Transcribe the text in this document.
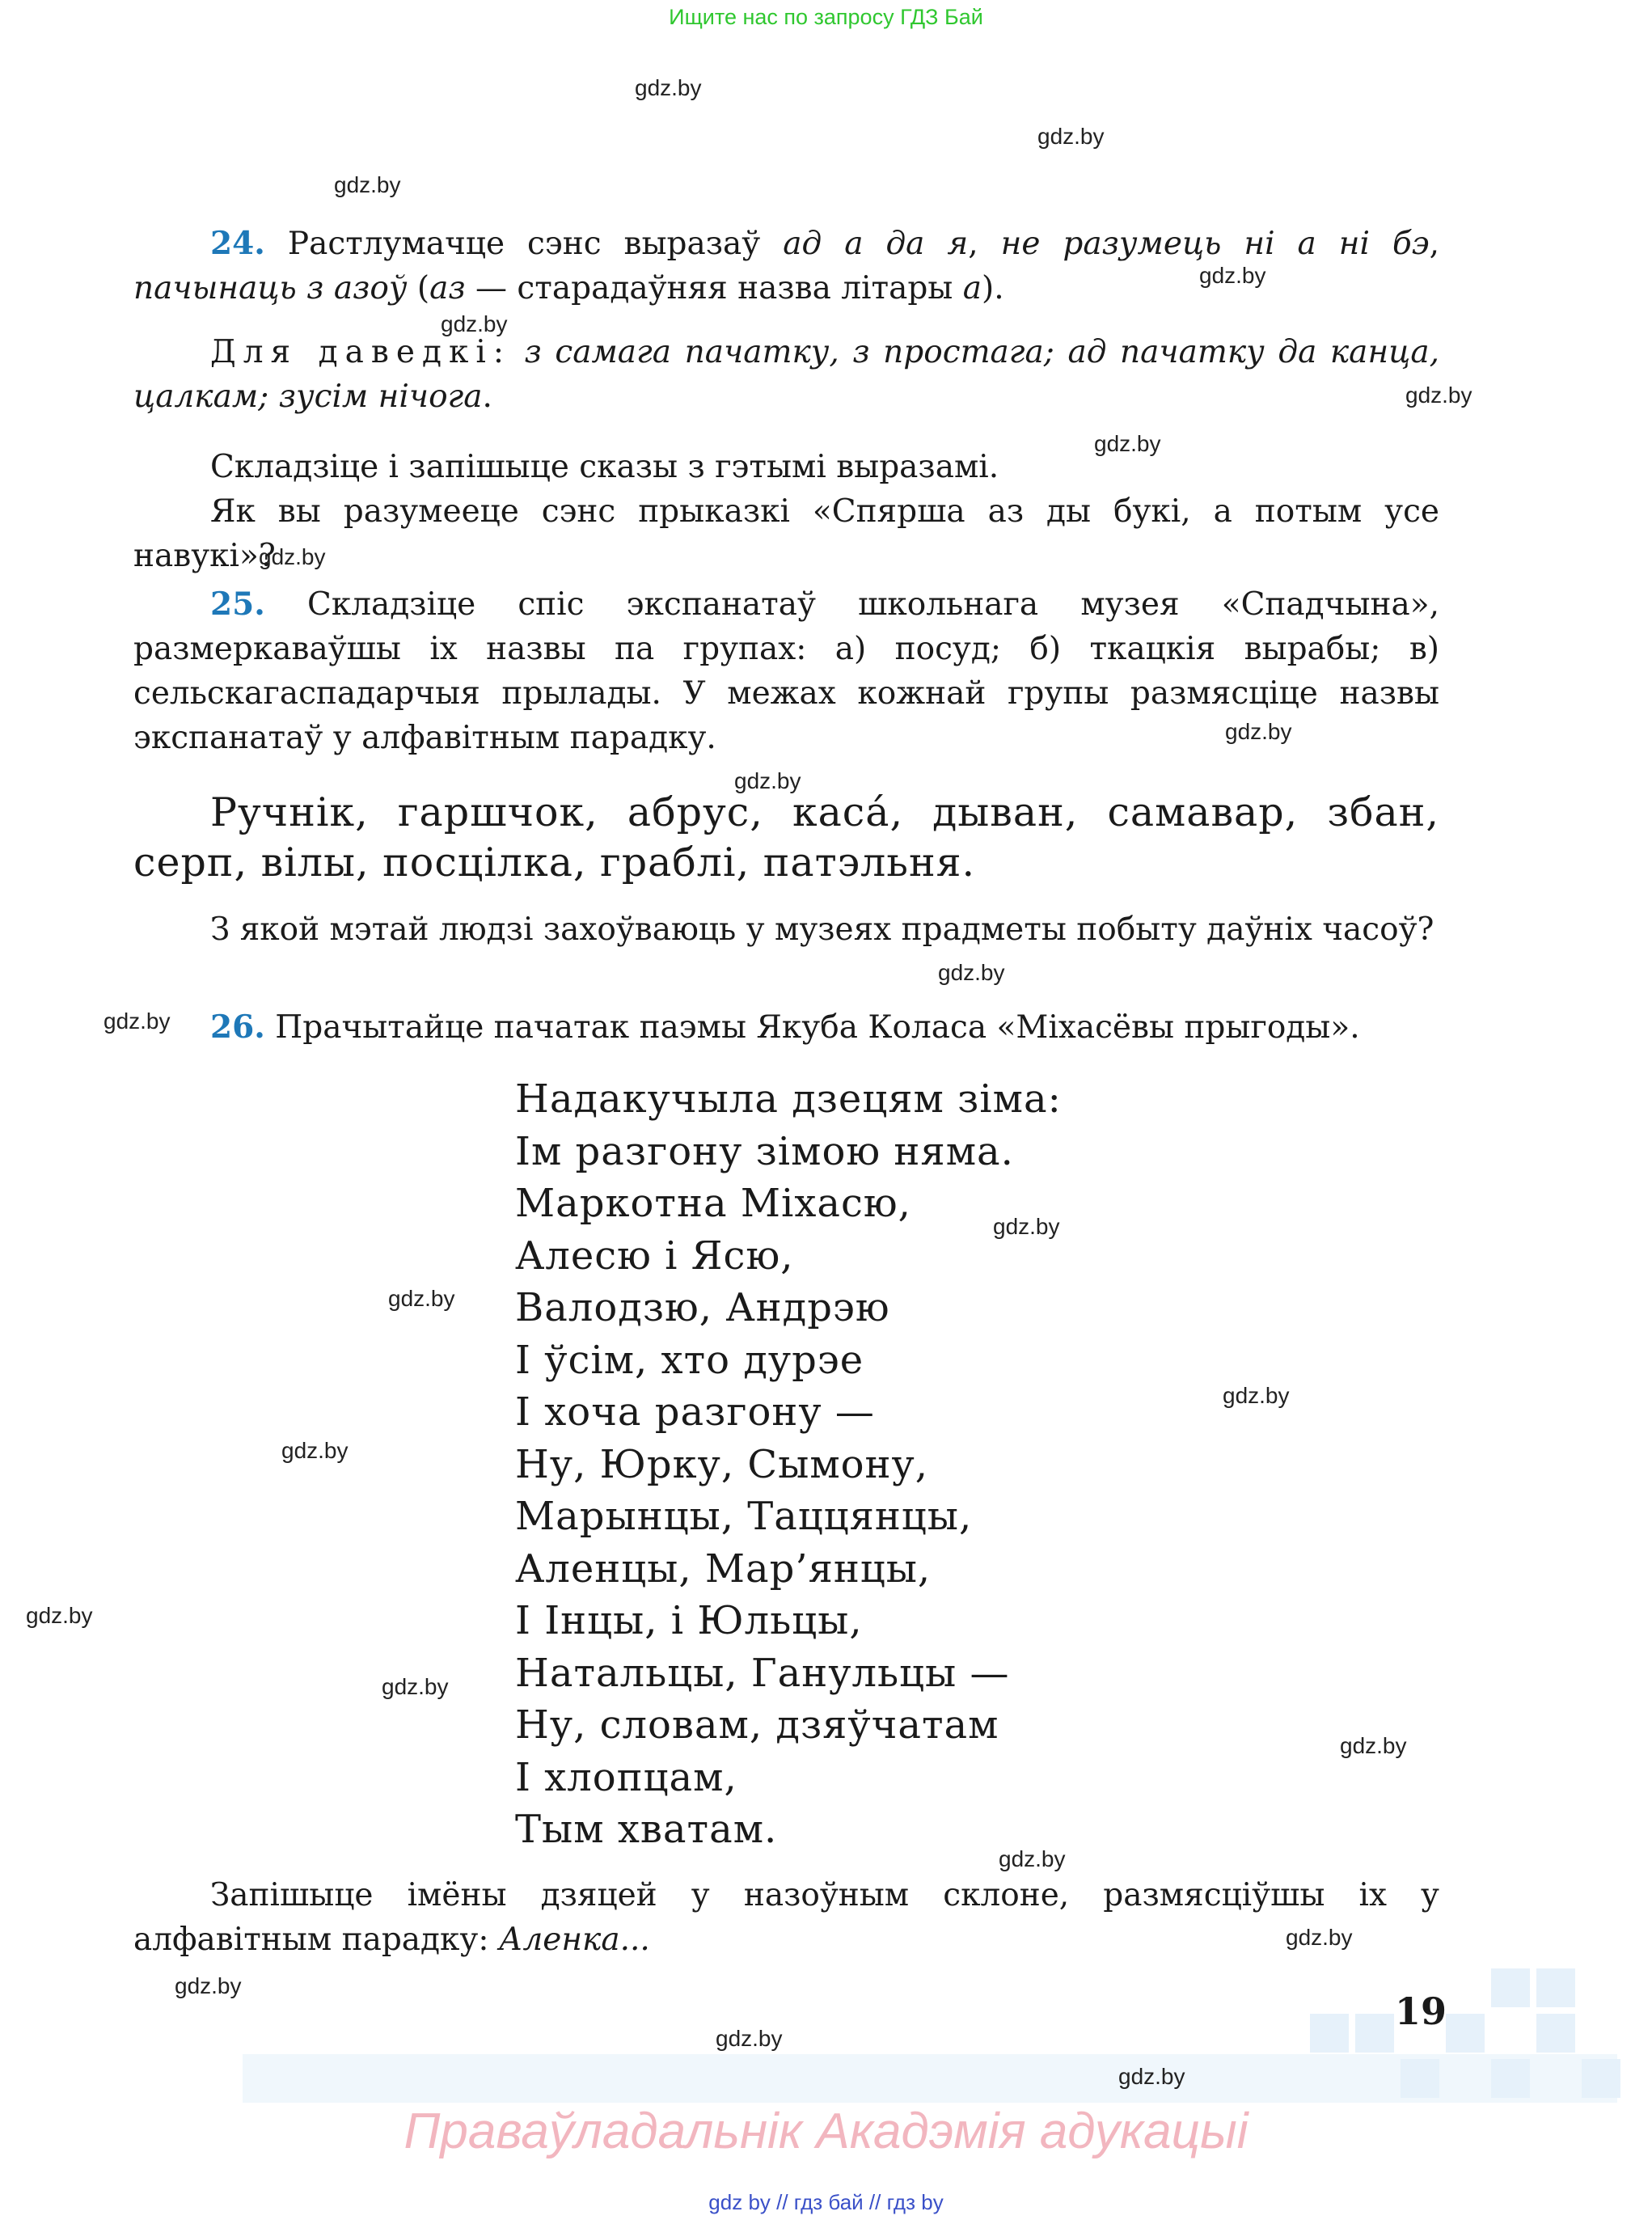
Ищите нас по запросу ГДЗ Бай
gdz.by
gdz.by
gdz.by
gdz.by
gdz.by
gdz.by
gdz.by
gdz.by
gdz.by
gdz.by
gdz.by
gdz.by
gdz.by
gdz.by
gdz.by
gdz.by
gdz.by
gdz.by
gdz.by
gdz.by
gdz.by
gdz.by
gdz.by
gdz.by
24. Растлумачце сэнс выразаў ад а да я, не разумець ні а ні бэ, пачынаць з азоў (аз — старадаўняя назва літары а).
Для даведкі: з самага пачатку, з простага; ад пачатку да канца, цалкам; зусім нічога.
Складзіце і запішыце сказы з гэтымі выразамі.
Як вы разумееце сэнс прыказкі «Спярша аз ды букі, а потым усе навукі»?
25. Складзіце спіс экспанатаў школьнага музея «Спадчына», размеркаваўшы іх назвы па групах: а) посуд; б) ткацкія вырабы; в) сельскагаспадарчыя прылады. У межах кожнай групы размясціце назвы экспанатаў у алфавітным парадку.
Ручнік, гаршчок, абрус, каса́, дыван, самавар, збан, серп, вілы, посцілка, граблі, патэльня.
З якой мэтай людзі захоўваюць у музеях прадметы побыту даўніх часоў?
26. Прачытайце пачатак паэмы Якуба Коласа «Міхасёвы прыгоды».
Надакучыла дзецям зіма:
Ім разгону зімою няма.
Маркотна Міхасю,
Алесю і Ясю,
Валодзю, Андрэю
І ўсім, хто дурэе
І хоча разгону —
Ну, Юрку, Сымону,
Марынцы, Таццянцы,
Аленцы, Мар’янцы,
І Інцы, і Юльцы,
Натальцы, Ганульцы —
Ну, словам, дзяўчатам
І хлопцам,
Тым хватам.
Запішыце імёны дзяцей у назоўным склоне, размясціўшы іх у алфавітным парадку: Аленка...
19
Праваўладальнік Акадэмія адукацыі
gdz by // гдз бай // гдз by
